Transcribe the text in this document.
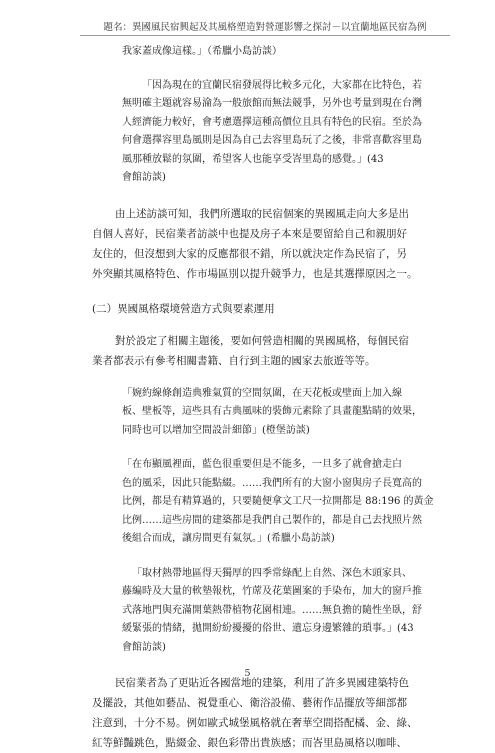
題名：異國風民宿興起及其風格塑造對營運影響之探討－以宜蘭地區民宿為例
我家蓋成像這樣。」（希臘小島訪談）
「因為現在的宜蘭民宿發展得比較多元化，大家都在比特色，若
無明確主題就容易淪為一般旅館而無法競爭，另外也考量到現在台灣
人經濟能力較好，會考慮選擇這種高價位且具有特色的民宿。至於為
何會選擇容里島風則是因為自己去容里島玩了之後，非常喜歡容里島
風那種放鬆的氛圍，希望客人也能享受峇里島的感覺。」(43
會館訪談)
由上述訪談可知，我們所選取的民宿個案的異國風走向大多是出
自個人喜好，民宿業者訪談中也提及房子本來是要留給自己和親朋好
友住的，但沒想到大家的反應都很不錯，所以就決定作為民宿了，另
外突顯其風格特色、作市場區別以提升競爭力，也是其選擇原因之一。
(二）異國風格環境營造方式與要素運用
對於設定了相關主題後，要如何營造相關的異國風格，每個民宿
業者都表示有參考相關書籍、自行到主題的國家去旅遊等等。
「婉約線條創造典雅氣質的空間氛圍，在天花板或壁面上加入線
板、壁板等，這些具有古典風味的裝飾元素除了具畫龍點睛的效果，
同時也可以增加空間設計細節」(橙堡訪談)
「在布顯風裡面，藍色很重要但是不能多，一旦多了就會搶走白
色的風采，因此只能點綴。……我們所有的大窗小窗與房子長寬高的
比例，都是有精算過的，只要隨便拿文工尺一拉開都是 88:196 的黃金
比例……這些房間的建築都是我們自己製作的，都是自己去找照片然
後組合而成，讓房間更有氣氛。」(希臘小島訪談)
「取材熱帶地區得天獨厚的四季常綠配上自然、深色木頭家具、
藤編時及大量的軟墊報枕，竹蓆及花葉圖案的手染布，加大的窗戶推
式落地門與充滿開葉熱帶植物花園相連。……無負擔的隨性坐臥，舒
緩緊張的情緒，拋開紛紛擾擾的俗世、遺忘身邊繁雜的瑣事。」(43
會館訪談)
民宿業者為了更貼近各國當地的建築，利用了許多異國建築特色
及擺設，其他如藝品、視覺重心、衛浴設備、藝術作品擺放等細部都
注意到，十分不易。例如歐式城堡風格就在奢華空間搭配橘、金、綠、
紅等鮮豔跳色，點綴金、銀色彩帶出貴族感；而峇里島風格以咖啡、
5
